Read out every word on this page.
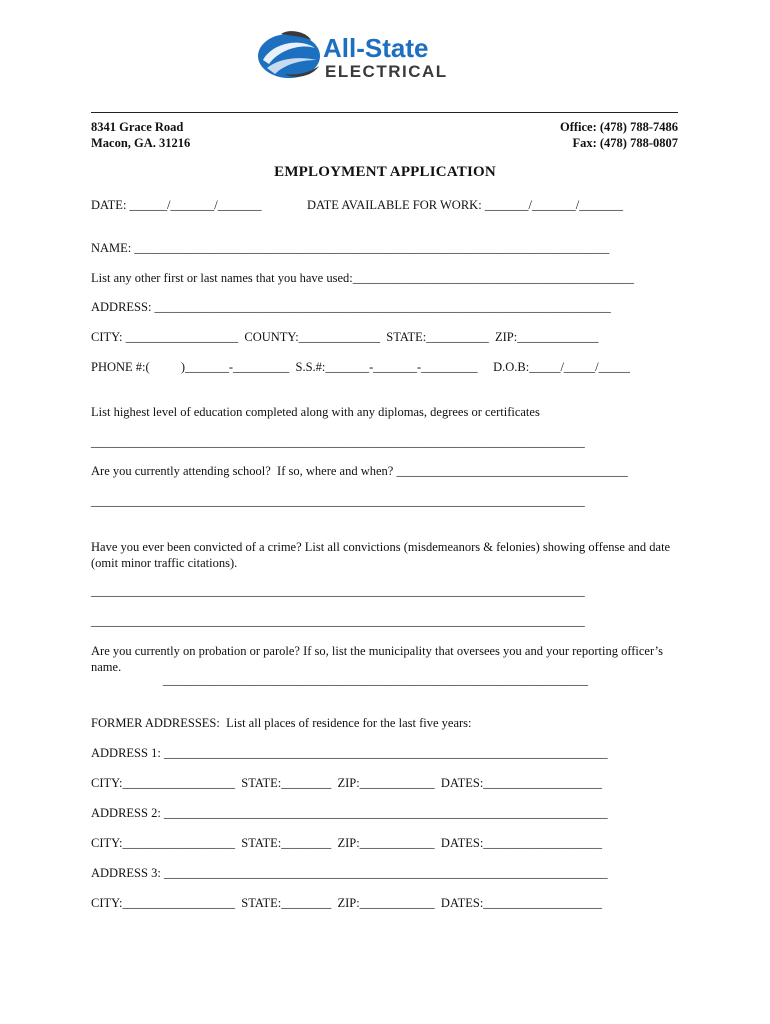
All-State
ELECTRICAL
8341 Grace Road
Macon, GA. 31216
Office: (478) 788-7486
Fax: (478) 788-0807
EMPLOYMENT APPLICATION
DATE: ______/_______/_______	DATE AVAILABLE FOR WORK: _______/_______/_______
NAME: ____________________________________________________________________________
List any other first or last names that you have used:_____________________________________________
ADDRESS: _________________________________________________________________________
CITY: __________________  COUNTY:_____________  STATE:__________  ZIP:_____________
PHONE #:(          )_______-_________  S.S.#:_______-_______-_________     D.O.B:_____/_____/_____
List highest level of education completed along with any diplomas, degrees or certificates
_______________________________________________________________________________
Are you currently attending school?  If so, where and when? _____________________________________
_______________________________________________________________________________
Have you ever been convicted of a crime? List all convictions (misdemeanors & felonies) showing offense and date (omit minor traffic citations).
_______________________________________________________________________________
_______________________________________________________________________________
Are you currently on probation or parole? If so, list the municipality that oversees you and your reporting officer’s name.
____________________________________________________________________
FORMER ADDRESSES:  List all places of residence for the last five years:
ADDRESS 1: _______________________________________________________________________
CITY:__________________  STATE:________  ZIP:____________  DATES:___________________
ADDRESS 2: _______________________________________________________________________
CITY:__________________  STATE:________  ZIP:____________  DATES:___________________
ADDRESS 3: _______________________________________________________________________
CITY:__________________  STATE:________  ZIP:____________  DATES:___________________
